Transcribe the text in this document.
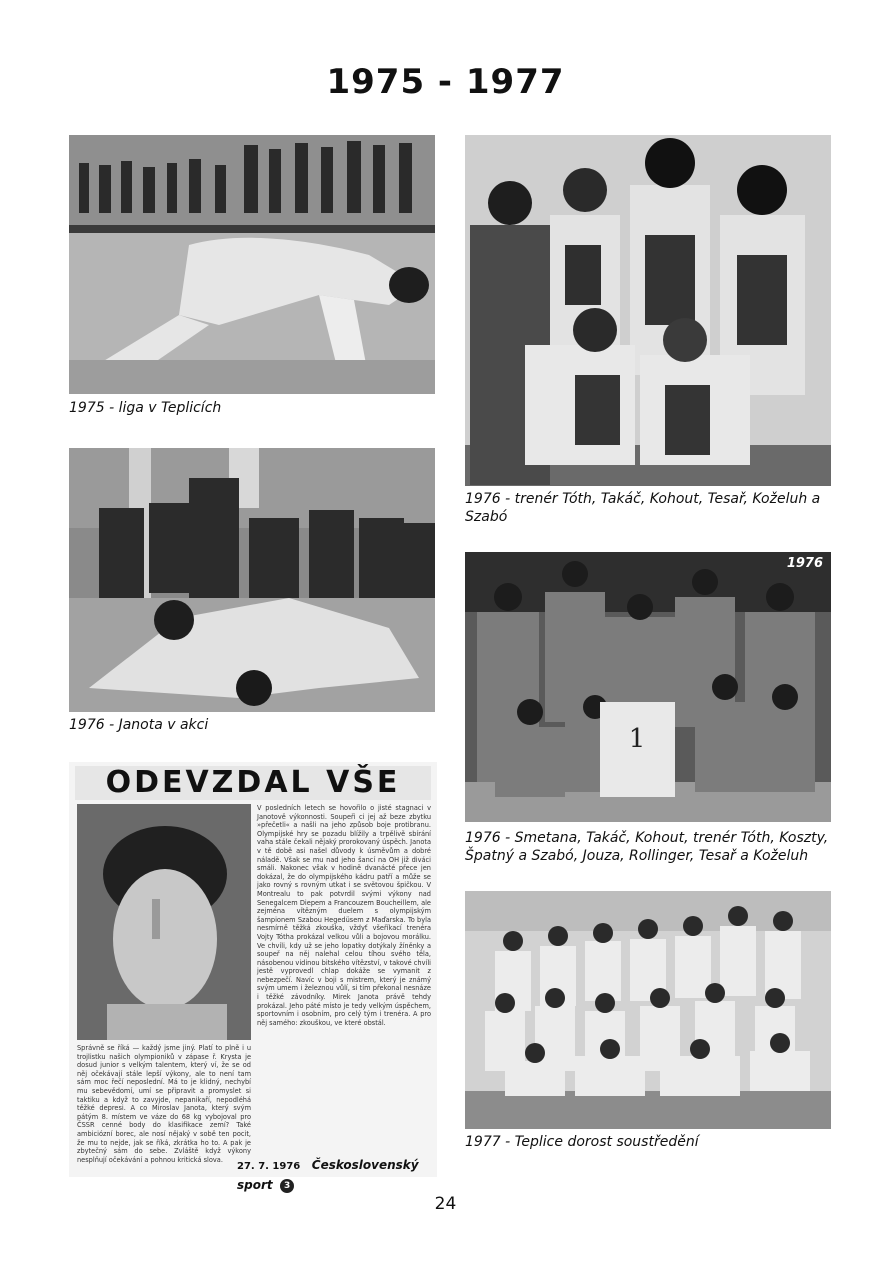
1975 - 1977
1975 - liga v Teplicích
1976 - trenér Tóth, Takáč, Kohout, Tesař, Koželuh a Szabó
1976 - Janota v akci	1
1976
1976 - Smetana, Takáč, Kohout, trenér Tóth, Koszty, Špatný a Szabó, Jouza, Rollinger, Tesař a Koželuh
ODEVZDAL VŠE
Správně se říká — každý jsme jiný. Platí to plně i u trojlistku našich olympioniků v zápase ř. Krysta je dosud junior s velkým talentem, který ví, že se od něj očekávají stále lepší výkony, ale to není tam sám moc řečí neposlední. Má to je klidný, nechybí mu sebevědomí, umí se připravit a promyslet si taktiku a když to zavyjde, nepanikaří, nepodléhá těžké depresi. A co Miroslav Janota, který svým pátým 8. místem ve váze do 68 kg vybojoval pro ČSSR cenné body do klasifikace zemí? Také ambiciózní borec, ale nosí nějaký v sobě ten pocit, že mu to nejde, jak se říká, zkrátka ho to. A pak je zbytečný sám do sebe. Zvláště když výkony nesplňují očekávání a pohnou kritická slova.
V posledních letech se hovořilo o jisté stagnaci v Janotově výkonnosti. Soupeři ci jej až beze zbytku »přečetli« a našli na jeho způsob boje protibranu. Olympijské hry se pozadu blížily a trpělivě sbírání vaha stále čekali nějaký prorokovaný úspěch. Janota v tě době asi našel důvody k úsměvům a dobré náladě. Však se mu nad jeho šancí na OH již diváci smáli. Nakonec však v hodině dvanácté přece jen dokázal, že do olympijského kádru patří a může se jako rovný s rovným utkat i se světovou špičkou. V Montrealu to pak potvrdil svými výkony nad Senegalcem Diepem a Francouzem Boucheillem, ale zejména vítězným duelem s olympijským šampionem Szabou Hegedüsem z Maďarska. To byla nesmírně těžká zkouška, vždyť všeříkací trenéra Vojty Tótha prokázal velkou vůli a bojovou morálku. Ve chvíli, kdy už se jeho lopatky dotýkaly žíněnky a soupeř na něj nalehal celou tíhou svého těla, násobenou vidinou bitského vítězství, v takové chvíli jestě vyprovedl chlap dokáže se vymanit z nebezpečí. Navíc v boji s mistrem, který je známý svým umem i železnou vůlí, si tím překonal nesnáze i těžké závodníky. Mirek Janota právě tehdy prokázal. Jeho páté místo je tedy velkým úspěchem, sportovním i osobním, pro celý tým i trenéra. A pro něj samého: zkouškou, ve které obstál.
27. 7. 1976 Československý sport 3
1977 - Teplice dorost soustředění
24
